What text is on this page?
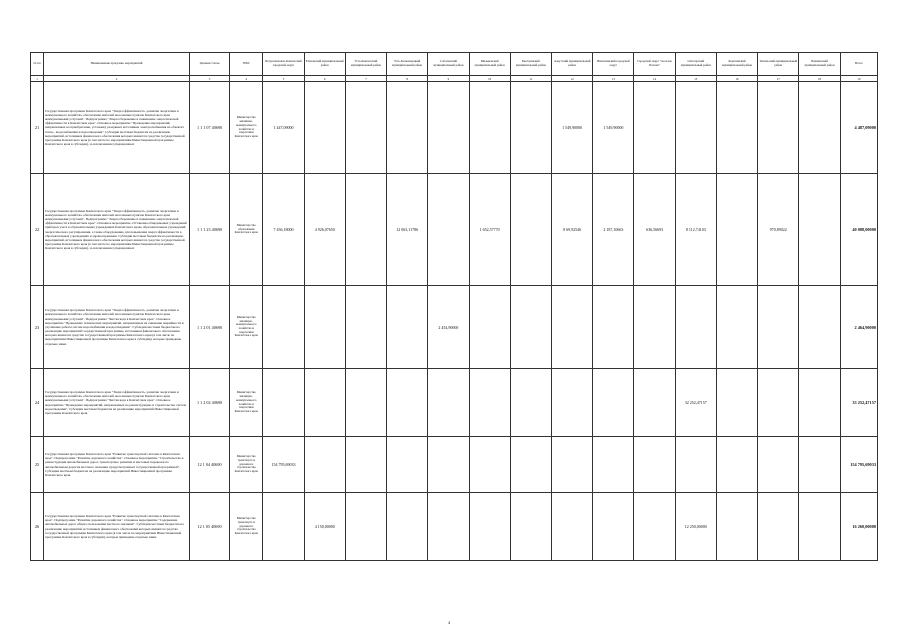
№ пп	Наименование программ, мероприятий	Целевая статья	ГРБС	Петропавловск-Камчатский городской округ	Елизовский муниципальный район	Усть-Камчатский муниципальный район	Усть-Большерецкий муниципальный район	Соболевский муниципальный район	Мильковский муниципальный район	Быстринский муниципальный район	Алеутский муниципальный район	Вилючинский городской округ	Городской округ "поселок Палана"	Олюторский муниципальный район	Карагинский муниципальный район	Тигильский муниципальный район	Пенжинский муниципальный район	Всего
1	2	3	4	5	6	7	8	9	10	11	12	13	14	15	16	17	18	19
21	Государственная программа Камчатского края "Энергоэффективность, развитие энергетики и коммунального хозяйства, обеспечение жителей населенных пунктов Камчатского края коммунальными услугами". Подпрограмма "Энергосбережение и повышение энергетической эффективности в Камчатском крае". Основное мероприятие "Проведение мероприятий, направленных на приобретение, установку резервных источников электроснабжения на объектах тепло-, водоснабжения и водоотведения". Субсидии местным бюджетам на реализацию мероприятий, источником финансового обеспечения которых являются средства государственной программы Камчатского края (в том числе по мероприятиям Инвестиционной программы Камчатского края в субсидии), за исключением утвержденных	1 1 1 07 40690	Министерство жилищно-коммунального хозяйства и энергетики Камчатского края	1 447,09000							1 549,90000	1 549,90000						4 487,09000
22	Государственная программа Камчатского края "Энергоэффективность, развитие энергетики и коммунального хозяйства, обеспечение жителей населенных пунктов Камчатского края коммунальными услугами". Подпрограмма "Энергосбережение и повышение энергетической эффективности в Камчатском крае". Основное мероприятие «Установка общедомовых учреждений приборов учета в образовательных учреждениях Камчатского края» образовательных учреждений энергетического регулирования, а также оборудованию для повышения энергоэффективности в образовательных учреждениях и здравоохранения. Субсидии местным бюджетам на реализацию мероприятий, источником финансового обеспечения которых являются средства государственной программы Камчатского края (в том числе по мероприятиям Инвестиционной программы Камчатского края в субсидии), за исключением утвержденных	1 1 1 23 40690	Министерство образования Камчатского края	7 436,18000	4 926,07650		12 063,11786		1 652,57770		8 69,92546	2 187,10663	636,56693	8 112,74103		970,89022		40 088,00000
23	Государственная программа Камчатского края "Энергоэффективность, развитие энергетики и коммунального хозяйства, обеспечение жителей населенных пунктов Камчатского края коммунальными услугами". Подпрограмма "Чистая вода в Камчатском крае". Основное мероприятие "Проведение технических мероприятий, направленных на снижение аварийности и улучшение работы систем водоснабжения и водоотведения". Субсидии местным бюджетам на реализацию мероприятий государственной программы, источником финансового обеспечения которых являются средства государственной программы Камчатского края (в том числе по мероприятиям Инвестиционной программы Камчатского края в субсидии), которые приведены отдельно ниже.	1 1 2 01 40690	Министерство жилищно-коммунального хозяйства и энергетики Камчатского края					2 454,90000										2 464,90000
24	Государственная программа Камчатского края "Энергоэффективность, развитие энергетики и коммунального хозяйства, обеспечение жителей населенных пунктов Камчатского края коммунальными услугами". Подпрограмма "Чистая вода в Камчатском крае". Основное мероприятие "Проведение мероприятий, направленных на реконструкцию и строительство систем водоотведения". Субсидии местным бюджетам на реализацию мероприятий Инвестиционной программы Камчатского края.	1 1 2 02 40690	Министерство жилищно-коммунального хозяйства и энергетики Камчатского края											32 252,47157				33 252,47157
25	Государственная программа Камчатского края "Развитие транспортной системы в Камчатском крае". Подпрограмма "Развитие дорожного хозяйства". Основное мероприятие "Строительство и реконструкция автомобильных дорог, транспортное развитие и массовых перевозок по автомобильным дорогам местного значения, предусмотренных государственной программой". Субсидии местным бюджетам на реализацию мероприятий Инвестиционной программы Камчатского края.	12 1 04 40690	Министерство транспорта и дорожного строительства Камчатского края	154 795,69033														154 795,69033
26	Государственная программа Камчатского края "Развитие транспортной системы в Камчатском крае". Подпрограмма "Развитие дорожного хозяйства". Основное мероприятие "Содержание автомобильных дорог общего пользования местного значения". Субсидии местным бюджетам на реализацию мероприятий, источником финансового обеспечения которых являются средства государственной программы Камчатского края (в том числе по мероприятиям Инвестиционной программы Камчатского края в субсидии), которые приведены отдельно ниже.	12 1 05 40690	Министерство транспорта и дорожного строительства Камчатского края		4 150,00000									12 250,00000				16 260,00000
4
